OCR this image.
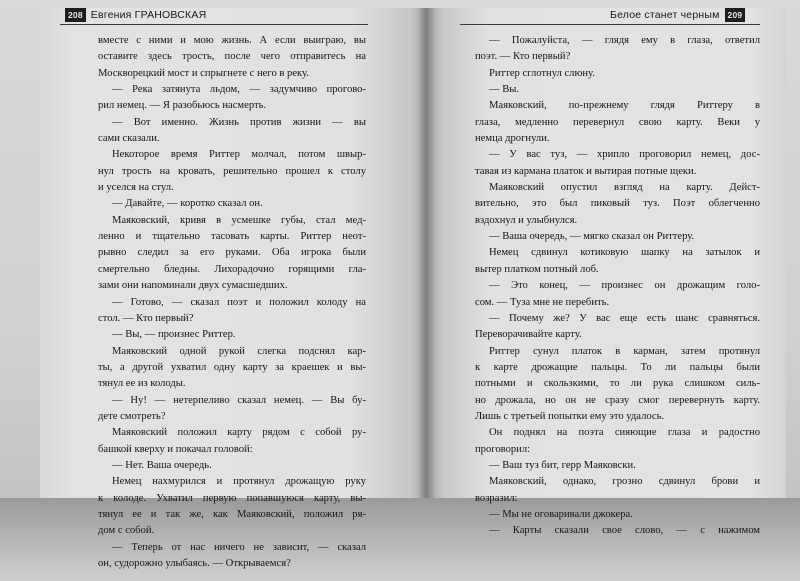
208 Евгения ГРАНОВСКАЯ	Белое станет черным 209
вместе с ними и мою жизнь. А если выиграю, вы
оставите здесь трость, после чего отправитесь на
Москворецкий мост и спрыгнете с него в реку.
— Река затянута льдом, — задумчиво прогово-
рил немец. — Я разобьюсь насмерть.
— Вот именно. Жизнь против жизни — вы
сами сказали.
Некоторое время Риттер молчал, потом швыр-
нул трость на кровать, решительно прошел к столу
и уселся на стул.
— Давайте, — коротко сказал он.
Маяковский, кривя в усмешке губы, стал мед-
ленно и тщательно тасовать карты. Риттер неот-
рывно следил за его руками. Оба игрока были
смертельно бледны. Лихорадочно горящими гла-
зами они напоминали двух сумасшедших.
— Готово, — сказал поэт и положил колоду на
стол. — Кто первый?
— Вы, — произнес Риттер.
Маяковский одной рукой слегка подснял кар-
ты, а другой ухватил одну карту за краешек и вы-
тянул ее из колоды.
— Ну! — нетерпеливо сказал немец. — Вы бу-
дете смотреть?
Маяковский положил карту рядом с собой ру-
башкой кверху и покачал головой:
— Нет. Ваша очередь.
Немец нахмурился и протянул дрожащую руку
к колоде. Ухватил первую попавшуюся карту, вы-
тянул ее и так же, как Маяковский, положил ря-
дом с собой.
— Теперь от нас ничего не зависит, — сказал
он, судорожно улыбаясь. — Открываемся?
— Пожалуйста, — глядя ему в глаза, ответил
поэт. — Кто первый?
Риттер сглотнул слюну.
— Вы.
Маяковский, по-прежнему глядя Риттеру в
глаза, медленно перевернул свою карту. Веки у
немца дрогнули.
— У вас туз, — хрипло проговорил немец, дос-
тавая из кармана платок и вытирая потные щеки.
Маяковский опустил взгляд на карту. Дейст-
вительно, это был пиковый туз. Поэт облегченно
вздохнул и улыбнулся.
— Ваша очередь, — мягко сказал он Риттеру.
Немец сдвинул котиковую шапку на затылок и
вытер платком потный лоб.
— Это конец, — произнес он дрожащим голо-
сом. — Туза мне не перебить.
— Почему же? У вас еще есть шанс сравняться.
Переворачивайте карту.
Риттер сунул платок в карман, затем протянул
к карте дрожащие пальцы. То ли пальцы были
потными и скользкими, то ли рука слишком силь-
но дрожала, но он не сразу смог перевернуть карту.
Лишь с третьей попытки ему это удалось.
Он поднял на поэта сияющие глаза и радостно
проговорил:
— Ваш туз бит, герр Маяковски.
Маяковский, однако, грозно сдвинул брови и
возразил:
— Мы не оговаривали джокера.
— Карты сказали свое слово, — с нажимом
